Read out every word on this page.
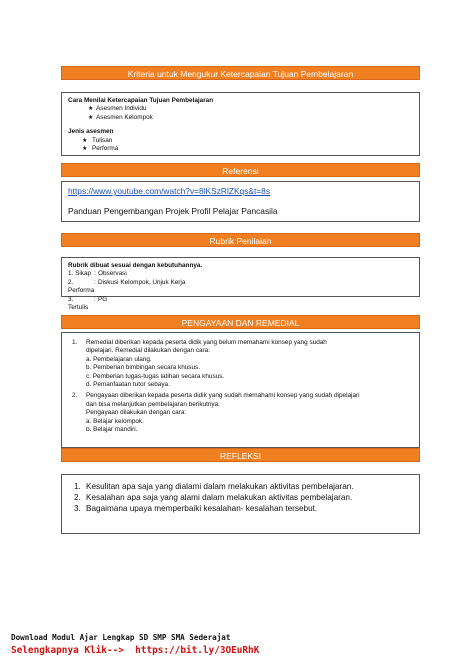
Kriteria untuk Mengukur Ketercapaian Tujuan Pembelajaran
Cara Menilai Ketercapaian Tujuan Pembelajaran
★ Asesmen Individu
★ Asesmen Kelompok
Jenis asesmen
★ Tulisan
★ Performa
Referensi
https://www.youtube.com/watch?v=8lKSzRlZKqs&t=8s
Panduan Pengembangan Projek Profil Pelajar Pancasila
Rubrik Penilaian
Rubrik dibuat sesuai dengan kebutuhannya.
1. Sikap : Observasi
2. Performa
: Diskusi Kelompok, Unjuk Kerja
3. Tertulis
: PG
PENGAYAAN DAN REMEDIAL
1.	Remedial diberikan kepada peserta didik yang belum memahami konsep yang sudah
dipelajari. Remedial dilakukan dengan cara:
a. Pembelajaran ulang.
b. Pemberian bimbingan secara khusus.
c. Pemberian tugas-tugas latihan secara khusus.
d. Pemanfaatan tutor sebaya.
2.	Pengayaan diberikan kepada peserta didik yang sudah memahami konsep yang sudah dipelajari
dan bisa melanjutkan pembelajaran berikutnya.
Pengayaan dilakukan dengan cara:
a. Belajar kelompok.
b. Belajar mandiri.
REFLEKSI
1. Kesulitan apa saja yang dialami dalam melakukan aktivitas pembelajaran.
2. Kesalahan apa saja yang alami dalam melakukan aktivitas pembelajaran.
3. Bagaimana upaya memperbaiki kesalahan- kesalahan tersebut.
Download Modul Ajar Lengkap SD SMP SMA Sederajat
Selengkapnya Klik-->  https://bit.ly/3OEuRhK
